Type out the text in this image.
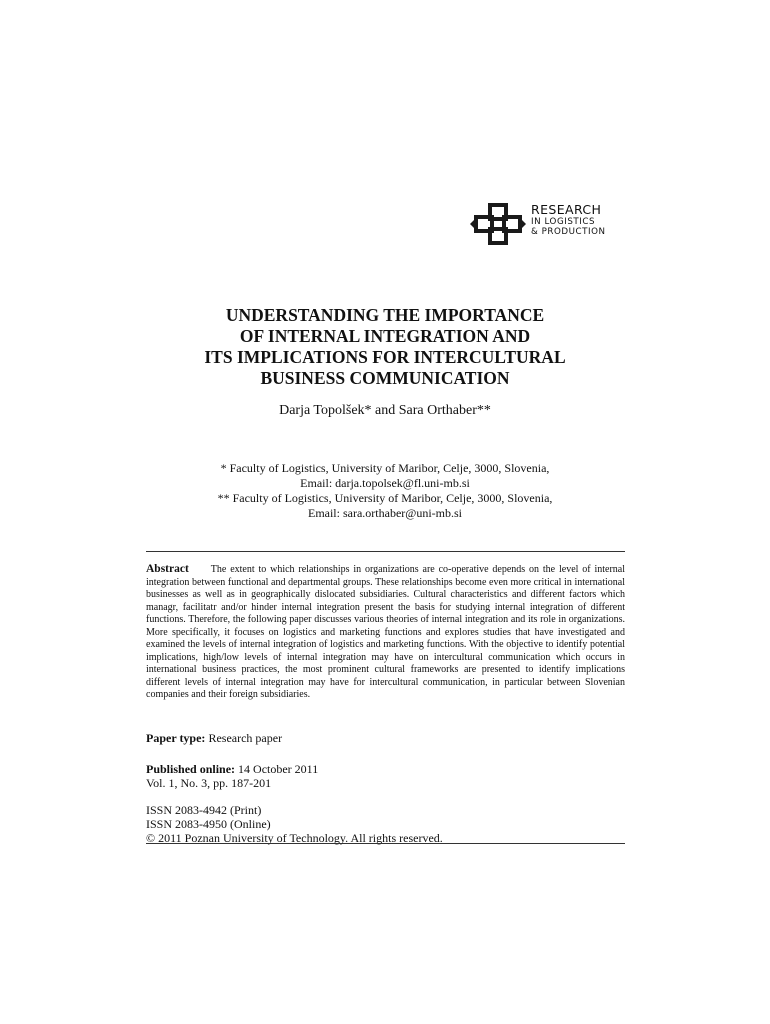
RESEARCH
IN LOGISTICS
& PRODUCTION
UNDERSTANDING THE IMPORTANCE
OF INTERNAL INTEGRATION AND
ITS IMPLICATIONS FOR INTERCULTURAL
BUSINESS COMMUNICATION
Darja Topolšek* and Sara Orthaber**
* Faculty of Logistics, University of Maribor, Celje, 3000, Slovenia,
Email: darja.topolsek@fl.uni-mb.si
** Faculty of Logistics, University of Maribor, Celje, 3000, Slovenia,
Email: sara.orthaber@uni-mb.si

Abstract The extent to which relationships in organizations are co-operative depends on the level of internal integration between functional and departmental groups. These relationships become even more critical in international businesses as well as in geographically dislocated subsidiaries. Cultural characteristics and different factors which managr, facilitatr and/or hinder internal integration present the basis for studying internal integration of different functions. Therefore, the following paper discusses various theories of internal integration and its role in organizations. More specifically, it focuses on logistics and marketing functions and explores studies that have investigated and examined the levels of internal integration of logistics and marketing functions. With the objective to identify potential implications, high/low levels of internal integration may have on intercultural communication which occurs in international business practices, the most prominent cultural frameworks are presented to identify implications different levels of internal integration may have for intercultural communication, in particular between Slovenian companies and their foreign subsidiaries.

Paper type: Research paper
Published online: 14 October 2011
Vol. 1, No. 3, pp. 187-201
ISSN 2083-4942 (Print)
ISSN 2083-4950 (Online)
© 2011 Poznan University of Technology. All rights reserved.
